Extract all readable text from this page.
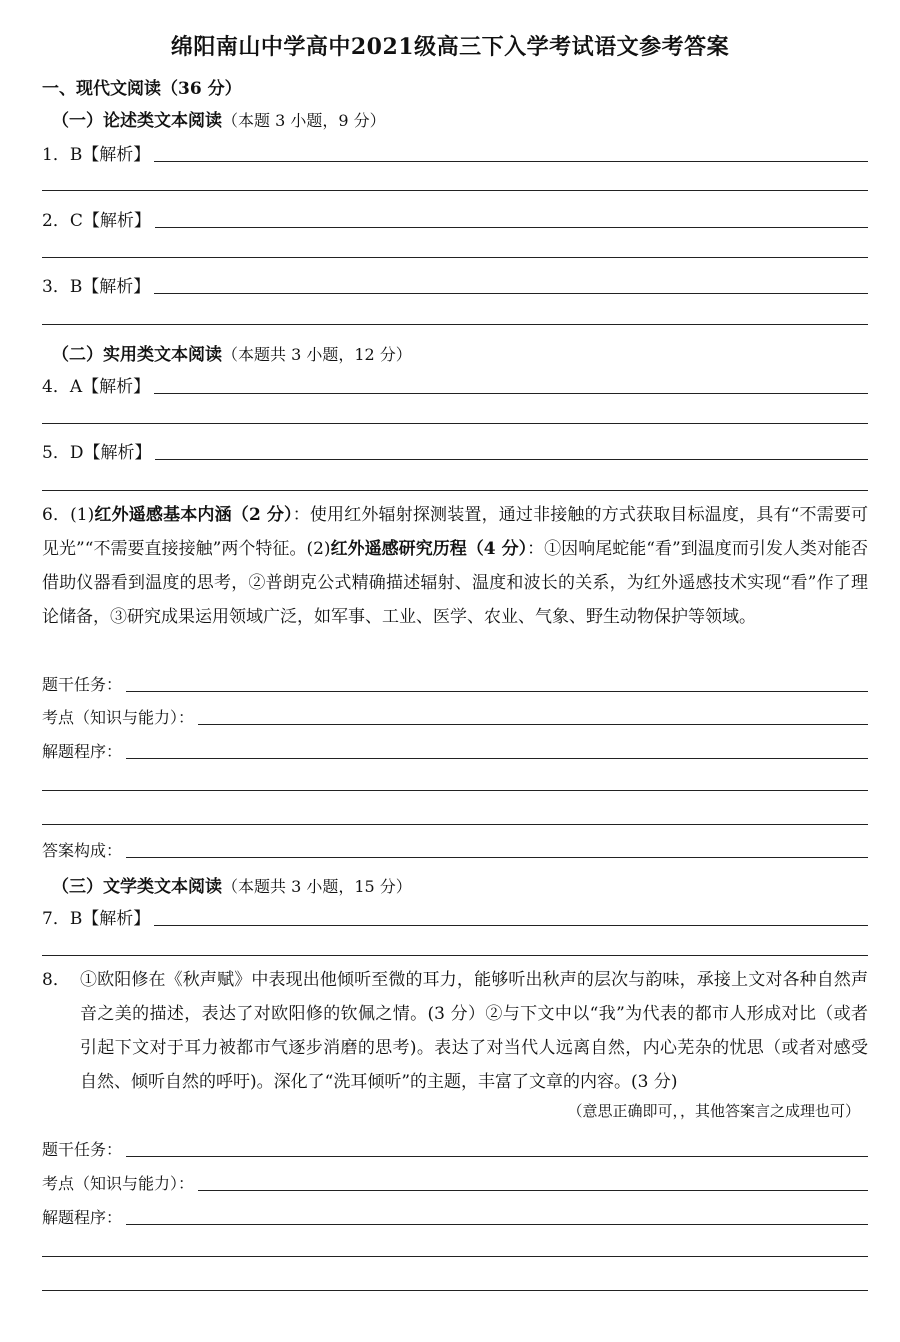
绵阳南山中学高中2021级高三下入学考试语文参考答案
一、现代文阅读（36 分）
（一）论述类文本阅读（本题 3 小题，9 分）
1．B【解析】
2．C【解析】
3．B【解析】
（二）实用类文本阅读（本题共 3 小题，12 分）
4．A【解析】
5．D【解析】
6．(1)红外遥感基本内涵（2 分）：使用红外辐射探测装置，通过非接触的方式获取目标温度，具有“不需要可见光”“不需要直接接触”两个特征。(2)红外遥感研究历程（4 分）：①因响尾蛇能“看”到温度而引发人类对能否借助仪器看到温度的思考，②普朗克公式精确描述辐射、温度和波长的关系，为红外遥感技术实现“看”作了理论储备，③研究成果运用领域广泛，如军事、工业、医学、农业、气象、野生动物保护等领域。
题干任务：
考点（知识与能力）：
解题程序：
答案构成：
（三）文学类文本阅读（本题共 3 小题，15 分）
7．B【解析】
8． ①欧阳修在《秋声赋》中表现出他倾听至微的耳力，能够听出秋声的层次与韵味，承接上文对各种自然声音之美的描述，表达了对欧阳修的钦佩之情。(3 分）②与下文中以“我”为代表的都市人形成对比（或者引起下文对于耳力被都市气逐步消磨的思考)。表达了对当代人远离自然，内心芜杂的忧思（或者对感受自然、倾听自然的呼吁)。深化了“洗耳倾听”的主题，丰富了文章的内容。(3 分)
（意思正确即可，，其他答案言之成理也可）
题干任务：
考点（知识与能力）：
解题程序：
